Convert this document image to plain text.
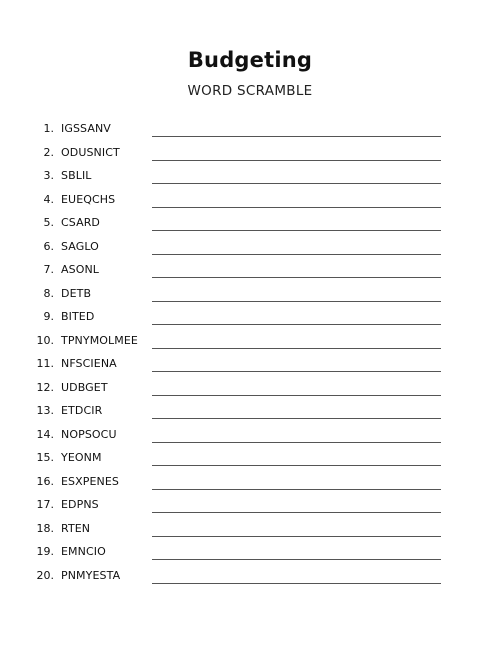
Budgeting
WORD SCRAMBLE
1. IGSSANV
2. ODUSNICT
3. SBLIL
4. EUEQCHS
5. CSARD
6. SAGLO
7. ASONL
8. DETB
9. BITED
10. TPNYMOLMEE
11. NFSCIENA
12. UDBGET
13. ETDCIR
14. NOPSOCU
15. YEONM
16. ESXPENES
17. EDPNS
18. RTEN
19. EMNCIO
20. PNMYESTA
